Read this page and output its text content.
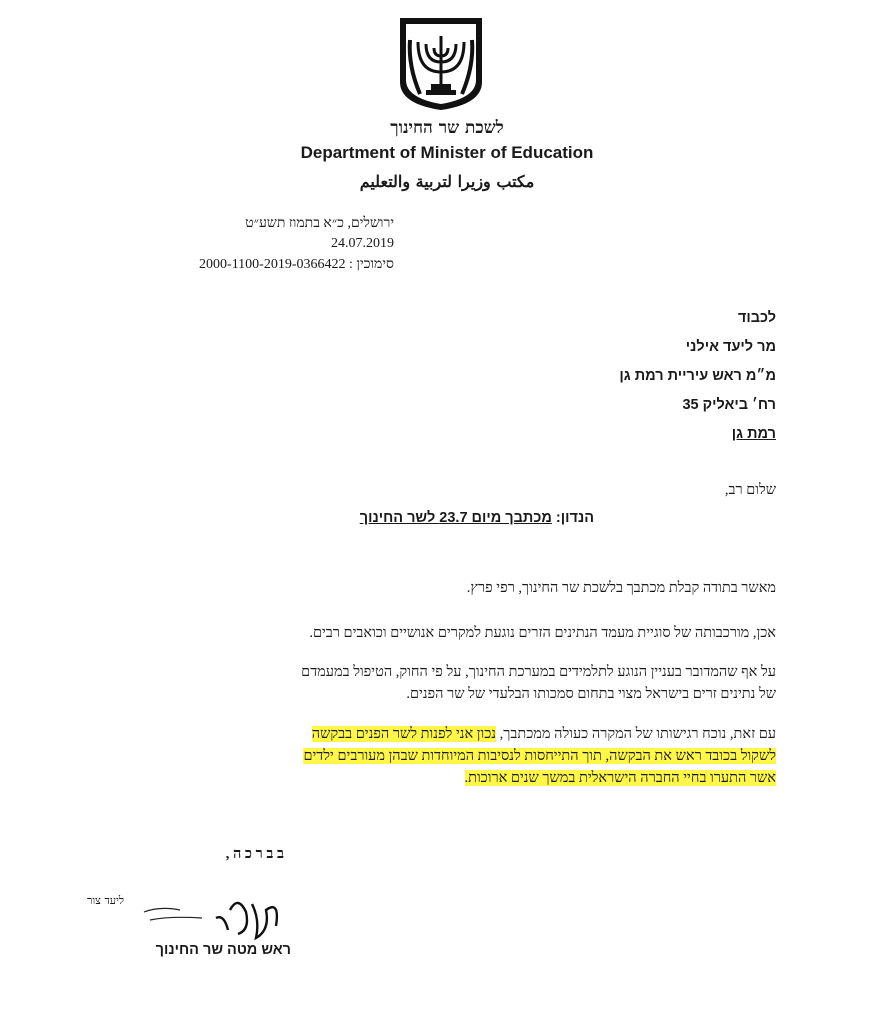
לשכת שר החינוך
Department of Minister of Education
مكتب وزيرا لتربية والتعليم
ירושלים, כ״א בתמוז תשע״ט
24.07.2019
סימוכין : 2000-1100-2019-0366422
לכבוד
מר ליעד אילני
מ״מ ראש עיריית רמת גן
רח׳ ביאליק 35
רמת גן
שלום רב,
הנדון: מכתבך מיום 23.7 לשר החינוך
מאשר בתודה קבלת מכתבך בלשכת שר החינוך, רפי פרץ.
אכן, מורכבותה של סוגיית מעמד הנתינים הזרים נוגעת למקרים אנושיים וכואבים רבים.
על אף שהמדובר בעניין הנוגע לתלמידים במערכת החינוך, על פי החוק, הטיפול במעמדם
של נתינים זרים בישראל מצוי בתחום סמכותו הבלעדי של שר הפנים.
עם זאת, נוכח רגישותו של המקרה כעולה ממכתבך, נכון אני לפנות לשר הפנים בבקשה
לשקול בכובד ראש את הבקשה, תוך התייחסות לנסיבות המיוחדות שבהן מעורבים ילדים
אשר התערו בחיי החברה הישראלית במשך שנים ארוכות.
ב ב ר כ ה ,
ליעד צור
ראש מטה שר החינוך
